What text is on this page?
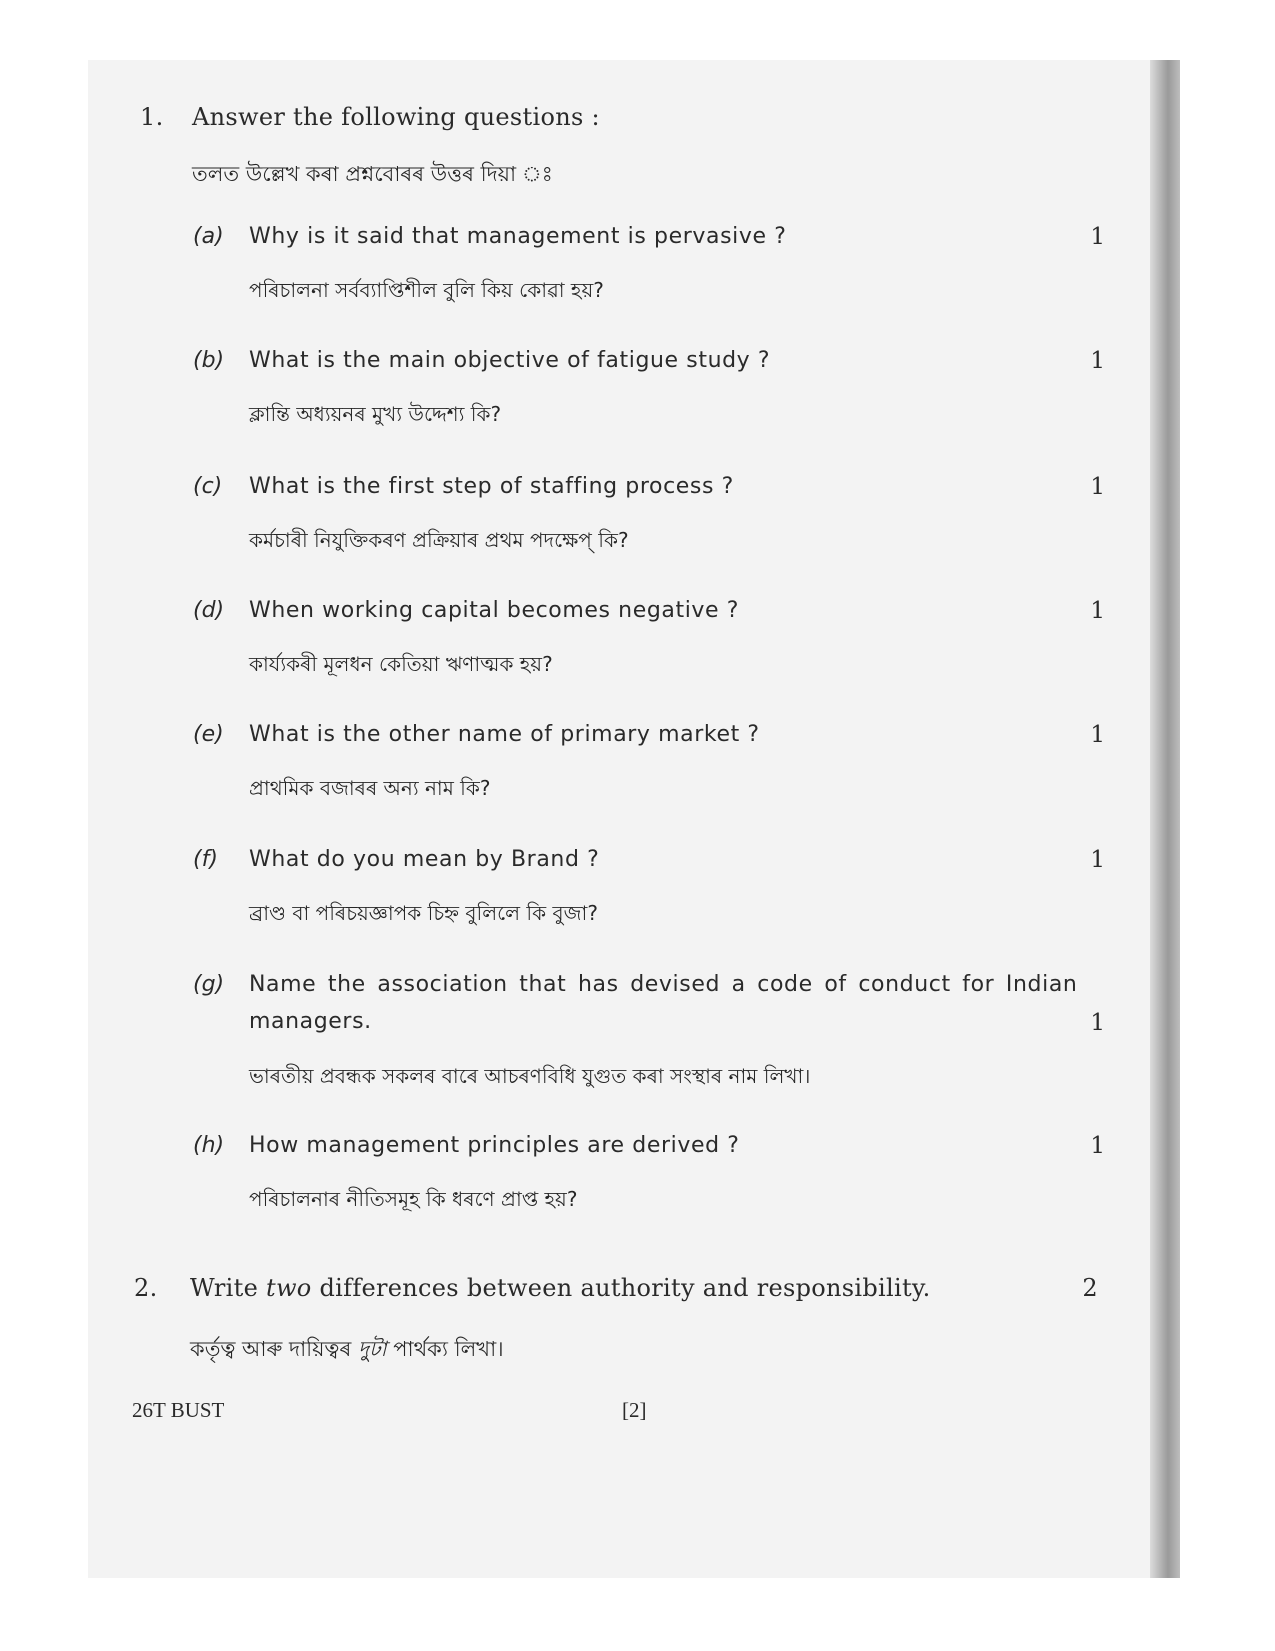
1. Answer the following questions :
তলত উল্লেখ কৰা প্ৰশ্নবোৰৰ উত্তৰ দিয়া ঃ
(a) Why is it said that management is pervasive ?	1
পৰিচালনা সৰ্বব্যাপ্তিশীল বুলি কিয় কোৱা হয়?
(b) What is the main objective of fatigue study ?	1
ক্লান্তি অধ্যয়নৰ মুখ্য উদ্দেশ্য কি?
(c) What is the first step of staffing process ?	1
কৰ্মচাৰী নিযুক্তিকৰণ প্ৰক্ৰিয়াৰ প্ৰথম পদক্ষেপ্‌ কি?
(d) When working capital becomes negative ?	1
কাৰ্য্যকৰী মূলধন কেতিয়া ঋণাত্মক হয়?
(e) What is the other name of primary market ?	1
প্ৰাথমিক বজাৰৰ অন্য নাম কি?
(f) What do you mean by Brand ?	1
ব্ৰাণ্ড বা পৰিচয়জ্ঞাপক চিহ্ন বুলিলে কি বুজা?
(g) Name the association that has devised a code of conduct for Indian managers.	1
ভাৰতীয় প্ৰবন্ধক সকলৰ বাৰে আচৰণবিধি যুগুত কৰা সংস্থাৰ নাম লিখা।
(h) How management principles are derived ?	1
পৰিচালনাৰ নীতিসমূহ কি ধৰণে প্ৰাপ্ত হয়?
2. Write two differences between authority and responsibility.	2
কৰ্তৃত্ব আৰু দায়িত্বৰ দুটা পাৰ্থক্য লিখা।
26T BUST	[2]
